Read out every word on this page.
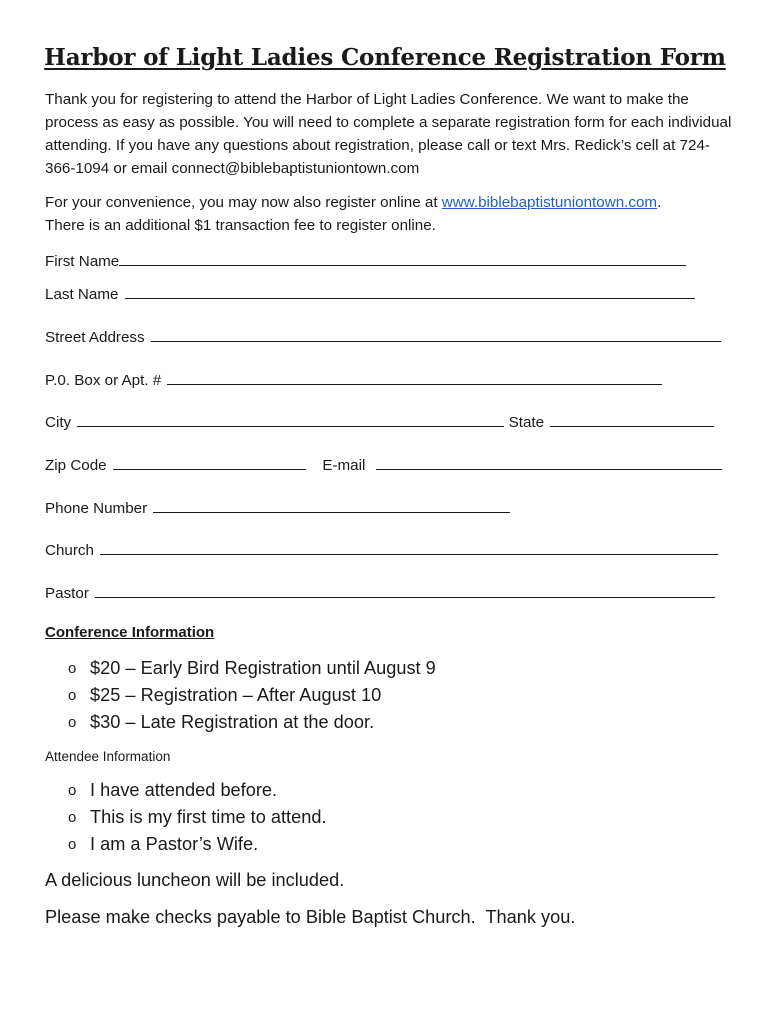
Harbor of Light Ladies Conference Registration Form

Thank you for registering to attend the Harbor of Light Ladies Conference. We want to make the process as easy as possible. You will need to complete a separate registration form for each individual attending. If you have any questions about registration, please call or text Mrs. Redick’s cell at 724-366-1094 or email connect@biblebaptistuniontown.com

For your convenience, you may now also register online at www.biblebaptistuniontown.com.
There is an additional $1 transaction fee to register online.

First Name
Last Name
Street Address
P.0. Box or Apt. #
City	State
Zip Code	E-mail
Phone Number
Church
Pastor
Conference Information
o $20 – Early Bird Registration until August 9
o $25 – Registration – After August 10
o $30 – Late Registration at the door.
Attendee Information
o I have attended before.
o This is my first time to attend.
o I am a Pastor’s Wife.
A delicious luncheon will be included.
Please make checks payable to Bible Baptist Church.  Thank you.
